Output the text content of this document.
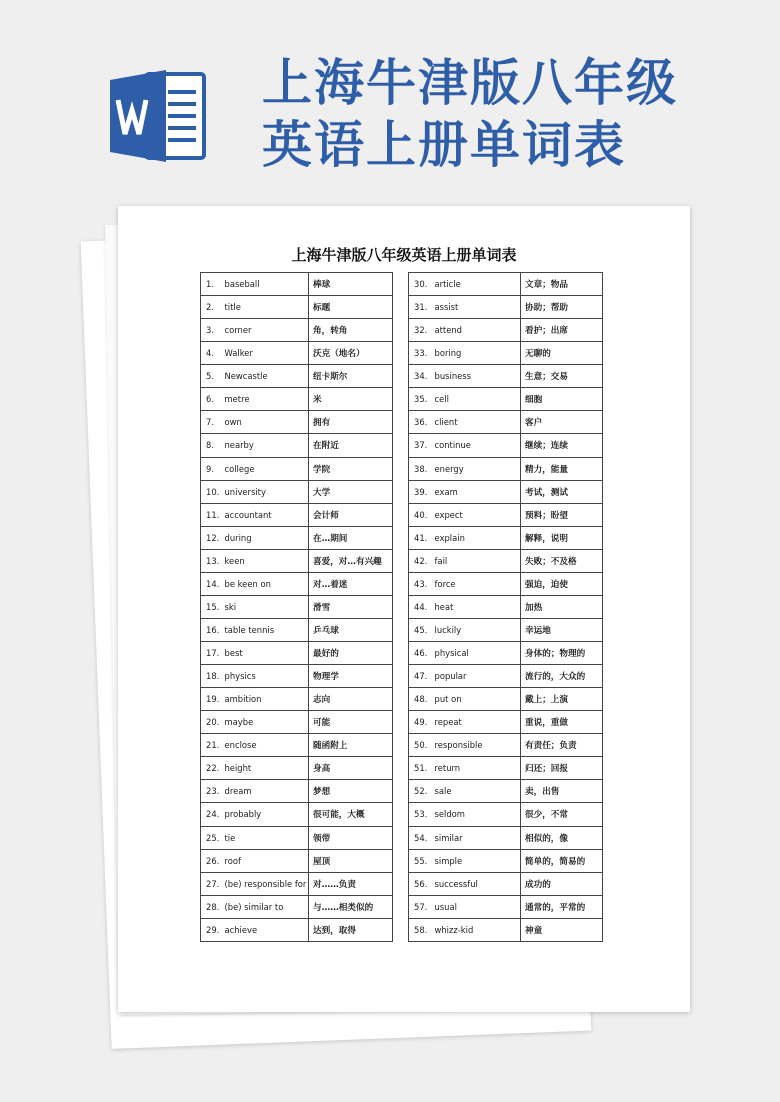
上海牛津版八年级
英语上册单词表
上海牛津版八年级英语上册单词表
1.	baseball	棒球
2.	title	标题
3.	corner	角，转角
4.	Walker	沃克（地名）
5.	Newcastle	纽卡斯尔
6.	metre	米
7.	own	拥有
8.	nearby	在附近
9.	college	学院
10.	university	大学
11.	accountant	会计师
12.	during	在…期间
13.	keen	喜爱，对…有兴趣
14.	be keen on	对…着迷
15.	ski	滑雪
16.	table tennis	乒乓球
17.	best	最好的
18.	physics	物理学
19.	ambition	志向
20.	maybe	可能
21.	enclose	随函附上
22.	height	身高
23.	dream	梦想
24.	probably	很可能，大概
25.	tie	领带
26.	roof	屋顶
27.	(be) responsible for	对……负责
28.	(be) similar to	与……相类似的
29.	achieve	达到，取得
30.	article	文章；物品
31.	assist	协助；帮助
32.	attend	看护；出席
33.	boring	无聊的
34.	business	生意；交易
35.	cell	细胞
36.	client	客户
37.	continue	继续；连续
38.	energy	精力，能量
39.	exam	考试，测试
40.	expect	预料；盼望
41.	explain	解释，说明
42.	fail	失败；不及格
43.	force	强迫，迫使
44.	heat	加热
45.	luckily	幸运地
46.	physical	身体的；物理的
47.	popular	流行的，大众的
48.	put on	戴上；上演
49.	repeat	重说，重做
50.	responsible	有责任；负责
51.	return	归还；回报
52.	sale	卖，出售
53.	seldom	很少，不常
54.	similar	相似的，像
55.	simple	简单的，简易的
56.	successful	成功的
57.	usual	通常的，平常的
58.	whizz-kid	神童
